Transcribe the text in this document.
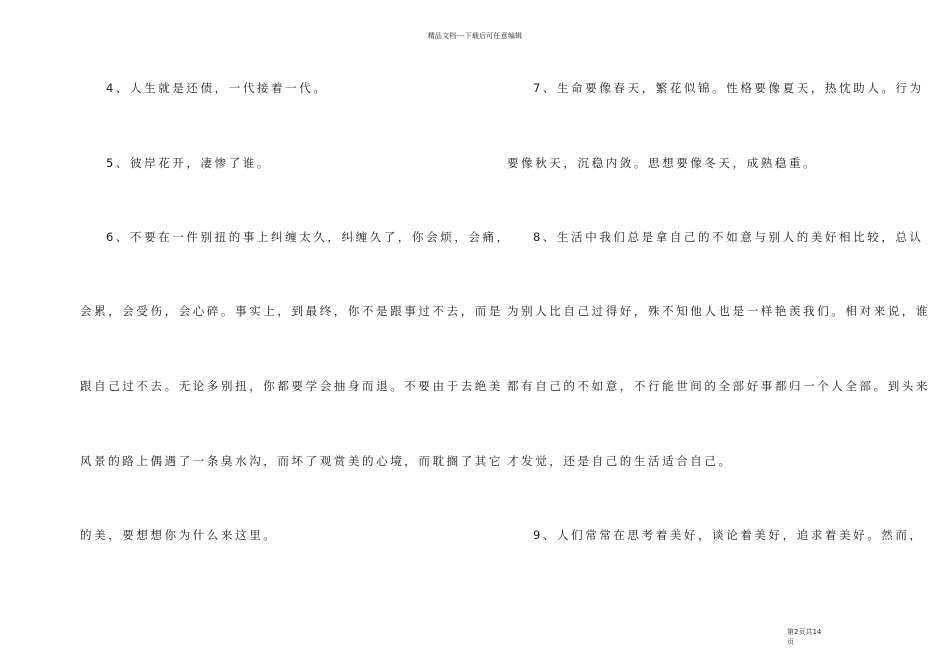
精品文档---下载后可任意编辑
4、人生就是还债，一代接着一代。
5、彼岸花开，凄惨了谁。
6、不要在一件别扭的事上纠缠太久，纠缠久了，你会烦，会痛，
会累，会受伤，会心碎。事实上，到最终，你不是跟事过不去，而是
跟自己过不去。无论多别扭，你都要学会抽身而退。不要由于去绝美
风景的路上偶遇了一条臭水沟，而坏了观赏美的心境，而耽搁了其它
的美，要想想你为什么来这里。
7、生命要像春天，繁花似锦。性格要像夏天，热忱助人。行为
要像秋天，沉稳内敛。思想要像冬天，成熟稳重。
8、生活中我们总是拿自己的不如意与别人的美好相比较，总认
为别人比自己过得好，殊不知他人也是一样艳羡我们。相对来说，谁
都有自己的不如意，不行能世间的全部好事都归一个人全部。到头来
才发觉，还是自己的生活适合自己。
9、人们常常在思考着美好，谈论着美好，追求着美好。然而，
第2页共14
页
